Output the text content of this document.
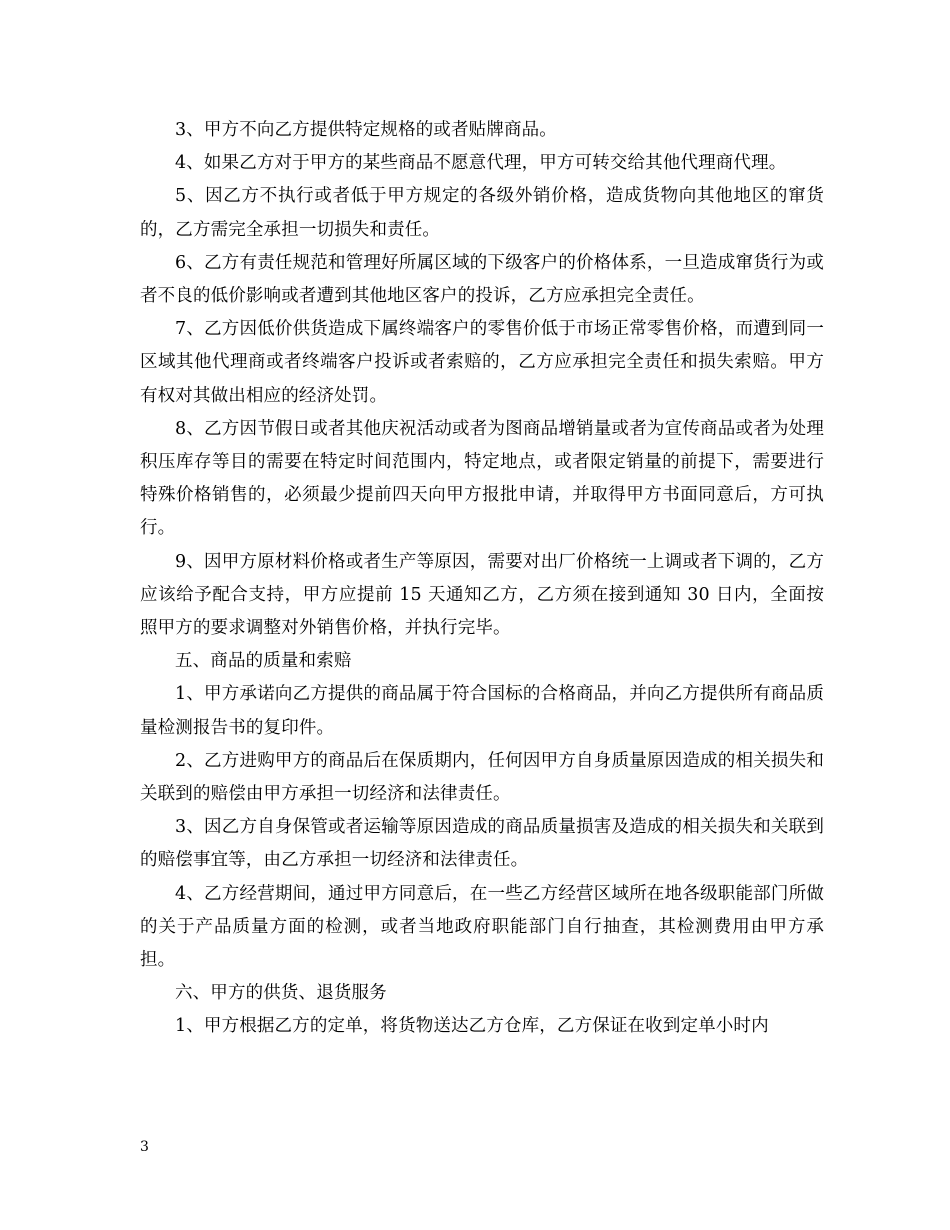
3、甲方不向乙方提供特定规格的或者贴牌商品。

4、如果乙方对于甲方的某些商品不愿意代理，甲方可转交给其他代理商代理。

5、因乙方不执行或者低于甲方规定的各级外销价格，造成货物向其他地区的窜货的，乙方需完全承担一切损失和责任。

6、乙方有责任规范和管理好所属区域的下级客户的价格体系，一旦造成窜货行为或者不良的低价影响或者遭到其他地区客户的投诉，乙方应承担完全责任。

7、乙方因低价供货造成下属终端客户的零售价低于市场正常零售价格，而遭到同一区域其他代理商或者终端客户投诉或者索赔的，乙方应承担完全责任和损失索赔。甲方有权对其做出相应的经济处罚。

8、乙方因节假日或者其他庆祝活动或者为图商品增销量或者为宣传商品或者为处理积压库存等目的需要在特定时间范围内，特定地点，或者限定销量的前提下，需要进行特殊价格销售的，必须最少提前四天向甲方报批申请，并取得甲方书面同意后，方可执行。

9、因甲方原材料价格或者生产等原因，需要对出厂价格统一上调或者下调的，乙方应该给予配合支持，甲方应提前 15 天通知乙方，乙方须在接到通知 30 日内，全面按照甲方的要求调整对外销售价格，并执行完毕。

五、商品的质量和索赔

1、甲方承诺向乙方提供的商品属于符合国标的合格商品，并向乙方提供所有商品质量检测报告书的复印件。

2、乙方进购甲方的商品后在保质期内，任何因甲方自身质量原因造成的相关损失和关联到的赔偿由甲方承担一切经济和法律责任。

3、因乙方自身保管或者运输等原因造成的商品质量损害及造成的相关损失和关联到的赔偿事宜等，由乙方承担一切经济和法律责任。

4、乙方经营期间，通过甲方同意后，在一些乙方经营区域所在地各级职能部门所做的关于产品质量方面的检测，或者当地政府职能部门自行抽查，其检测费用由甲方承担。

六、甲方的供货、退货服务

1、甲方根据乙方的定单，将货物送达乙方仓库，乙方保证在收到定单小时内

3
